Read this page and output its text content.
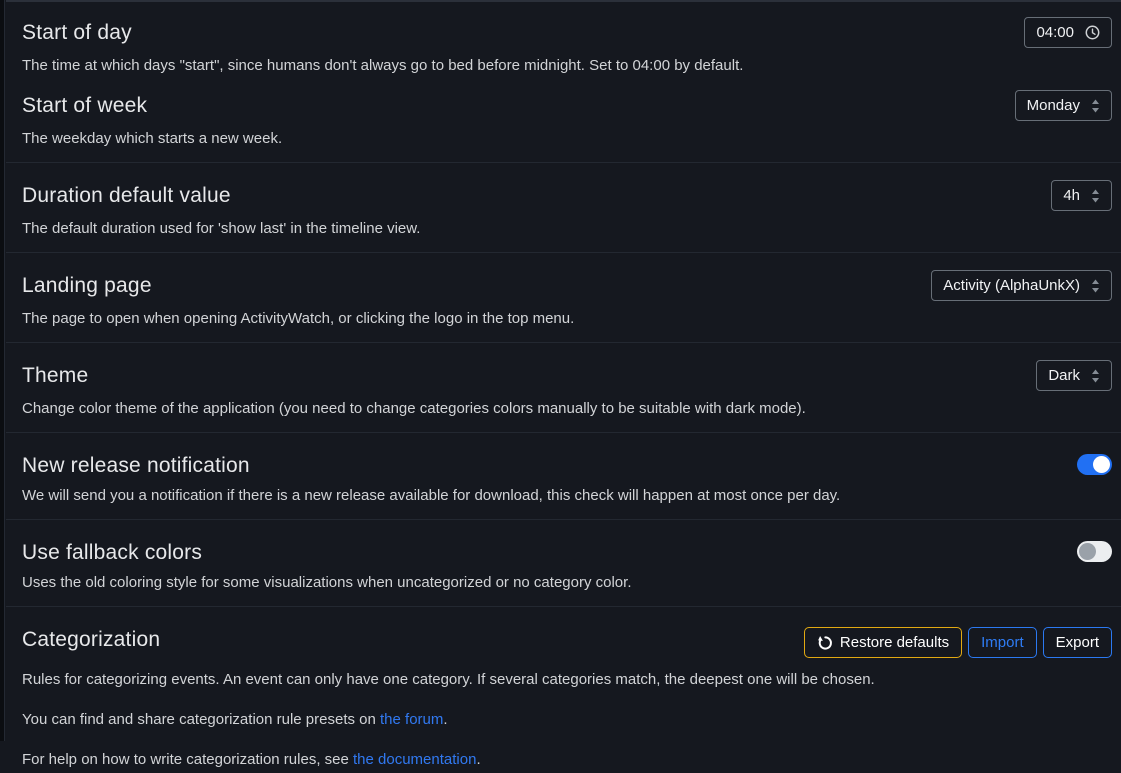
Start of day	04:00

The time at which days "start", since humans don't always go to bed before midnight. Set to 04:00 by default.

Start of week	Monday

The weekday which starts a new week.

Duration default value	4h

The default duration used for 'show last' in the timeline view.

Landing page	Activity (AlphaUnkX)

The page to open when opening ActivityWatch, or clicking the logo in the top menu.

Theme	Dark

Change color theme of the application (you need to change categories colors manually to be suitable with dark mode).

New release notification

We will send you a notification if there is a new release available for download, this check will happen at most once per day.

Use fallback colors

Uses the old coloring style for some visualizations when uncategorized or no category color.

Categorization	Restore defaults	Import	Export

Rules for categorizing events. An event can only have one category. If several categories match, the deepest one will be chosen.

You can find and share categorization rule presets on the forum.

For help on how to write categorization rules, see the documentation.
